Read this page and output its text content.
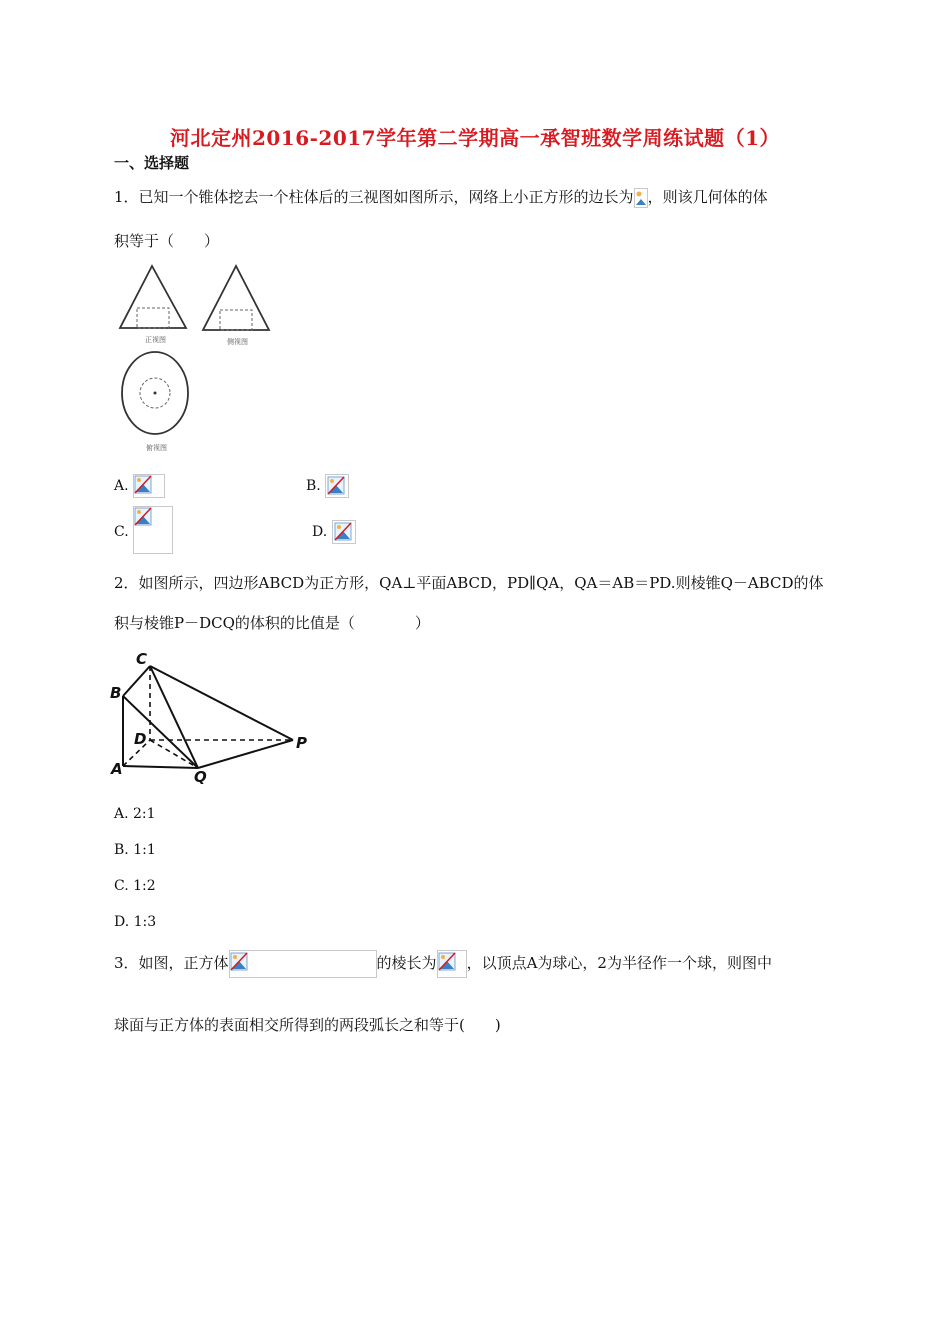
河北定州2016-2017学年第二学期高一承智班数学周练试题（1）
一、选择题
1．已知一个锥体挖去一个柱体后的三视图如图所示，网络上小正方形的边长为 ，则该几何体的体
积等于（　　）
正视图	侧视图
俯视图
A.	B.
C.	D.
2．如图所示，四边形ABCD为正方形，QA⊥平面ABCD，PD∥QA，QA＝AB＝PD.则棱锥Q－ABCD的体
积与棱锥P－DCQ的体积的比值是（　　　　）
C
B
D
A	Q
P
A. 2:1
B. 1:1
C. 1:2
D. 1:3
3．如图，正方体	的棱长为 ，以顶点A为球心，2为半径作一个球，则图中
球面与正方体的表面相交所得到的两段弧长之和等于(　　)
